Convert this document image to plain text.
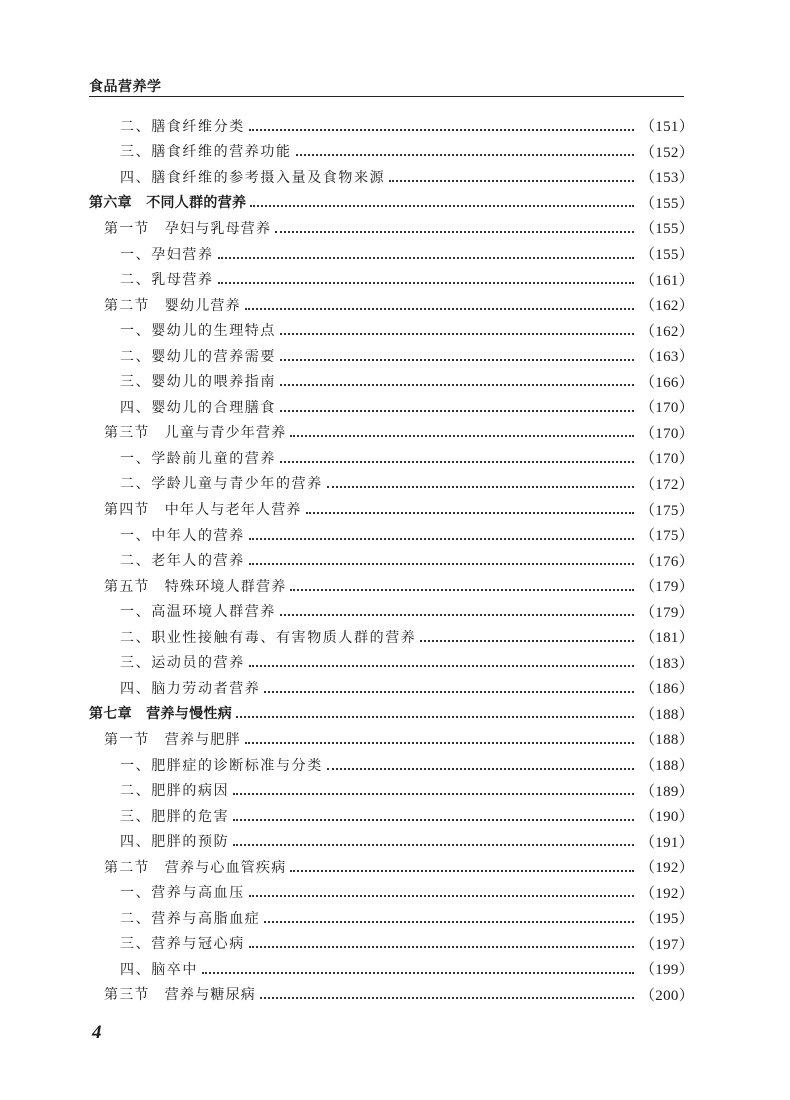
食品营养学
二、膳食纤维分类	（151）
三、膳食纤维的营养功能	（152）
四、膳食纤维的参考摄入量及食物来源	（153）
第六章　不同人群的营养	（155）
第一节　孕妇与乳母营养	（155）
一、孕妇营养	（155）
二、乳母营养	（161）
第二节　婴幼儿营养	（162）
一、婴幼儿的生理特点	（162）
二、婴幼儿的营养需要	（163）
三、婴幼儿的喂养指南	（166）
四、婴幼儿的合理膳食	（170）
第三节　儿童与青少年营养	（170）
一、学龄前儿童的营养	（170）
二、学龄儿童与青少年的营养	（172）
第四节　中年人与老年人营养	（175）
一、中年人的营养	（175）
二、老年人的营养	（176）
第五节　特殊环境人群营养	（179）
一、高温环境人群营养	（179）
二、职业性接触有毒、有害物质人群的营养	（181）
三、运动员的营养	（183）
四、脑力劳动者营养	（186）
第七章　营养与慢性病	（188）
第一节　营养与肥胖	（188）
一、肥胖症的诊断标准与分类	（188）
二、肥胖的病因	（189）
三、肥胖的危害	（190）
四、肥胖的预防	（191）
第二节　营养与心血管疾病	（192）
一、营养与高血压	（192）
二、营养与高脂血症	（195）
三、营养与冠心病	（197）
四、脑卒中	（199）
第三节　营养与糖尿病	（200）
4
